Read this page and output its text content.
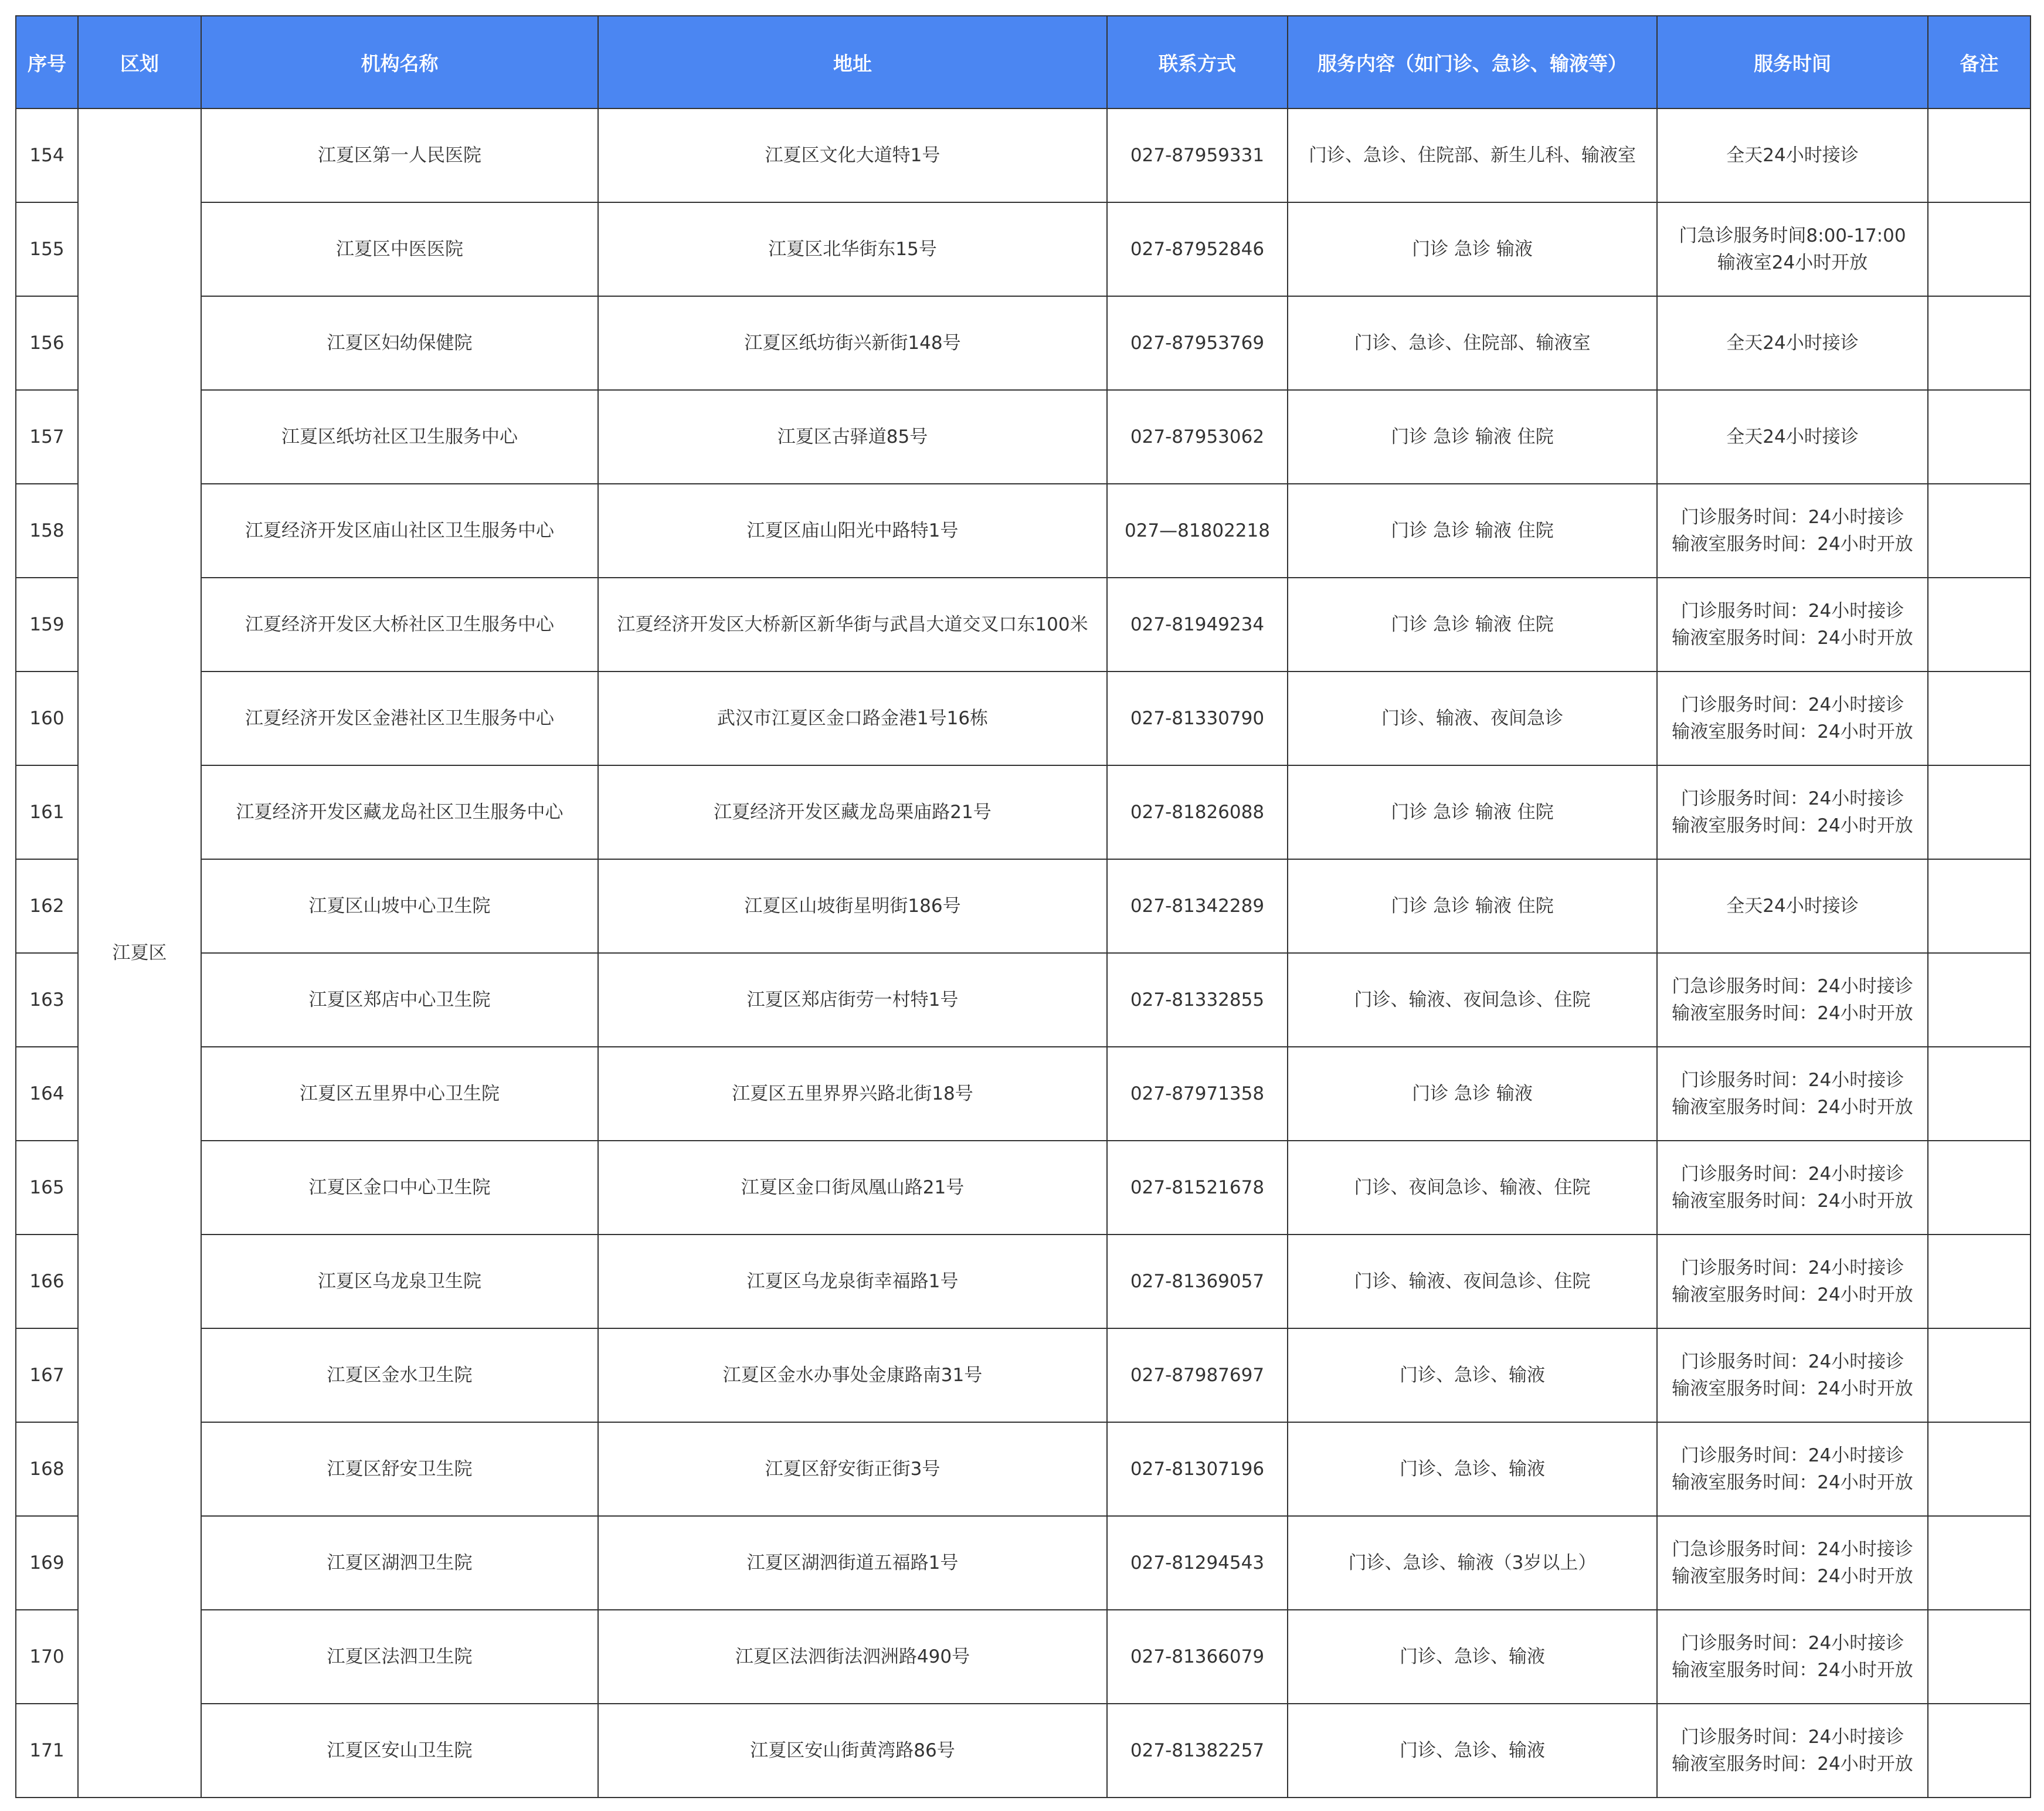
序号	区划	机构名称	地址	联系方式	服务内容（如门诊、急诊、输液等）	服务时间	备注
154	江夏区	江夏区第一人民医院	江夏区文化大道特1号	027-87959331	门诊、急诊、住院部、新生儿科、输液室	全天24小时接诊	

155		江夏区中医医院	江夏区北华街东15号	027-87952846	门诊 急诊 输液	门急诊服务时间8:00-17:00
输液室24小时开放	

156		江夏区妇幼保健院	江夏区纸坊街兴新街148号	027-87953769	门诊、急诊、住院部、输液室	全天24小时接诊	

157		江夏区纸坊社区卫生服务中心	江夏区古驿道85号	027-87953062	门诊 急诊 输液 住院	全天24小时接诊	

158		江夏经济开发区庙山社区卫生服务中心	江夏区庙山阳光中路特1号	027—81802218	门诊 急诊 输液 住院	门诊服务时间：24小时接诊
输液室服务时间：24小时开放	

159		江夏经济开发区大桥社区卫生服务中心	江夏经济开发区大桥新区新华街与武昌大道交叉口东100米	027-81949234	门诊 急诊 输液 住院	门诊服务时间：24小时接诊
输液室服务时间：24小时开放	

160		江夏经济开发区金港社区卫生服务中心	武汉市江夏区金口路金港1号16栋	027-81330790	门诊、输液、夜间急诊	门诊服务时间：24小时接诊
输液室服务时间：24小时开放	

161		江夏经济开发区藏龙岛社区卫生服务中心	江夏经济开发区藏龙岛栗庙路21号	027-81826088	门诊 急诊 输液 住院	门诊服务时间：24小时接诊
输液室服务时间：24小时开放	

162		江夏区山坡中心卫生院	江夏区山坡街星明街186号	027-81342289	门诊 急诊 输液 住院	全天24小时接诊	

163		江夏区郑店中心卫生院	江夏区郑店街劳一村特1号	027-81332855	门诊、输液、夜间急诊、住院	门急诊服务时间：24小时接诊
输液室服务时间：24小时开放	

164		江夏区五里界中心卫生院	江夏区五里界界兴路北街18号	027-87971358	门诊 急诊 输液	门诊服务时间：24小时接诊
输液室服务时间：24小时开放	

165		江夏区金口中心卫生院	江夏区金口街凤凰山路21号	027-81521678	门诊、夜间急诊、输液、住院	门诊服务时间：24小时接诊
输液室服务时间：24小时开放	

166		江夏区乌龙泉卫生院	江夏区乌龙泉街幸福路1号	027-81369057	门诊、输液、夜间急诊、住院	门诊服务时间：24小时接诊
输液室服务时间：24小时开放	

167		江夏区金水卫生院	江夏区金水办事处金康路南31号	027-87987697	门诊、急诊、输液	门诊服务时间：24小时接诊
输液室服务时间：24小时开放	

168		江夏区舒安卫生院	江夏区舒安街正街3号	027-81307196	门诊、急诊、输液	门诊服务时间：24小时接诊
输液室服务时间：24小时开放	

169		江夏区湖泗卫生院	江夏区湖泗街道五福路1号	027-81294543	门诊、急诊、输液（3岁以上）	门急诊服务时间：24小时接诊
输液室服务时间：24小时开放	

170		江夏区法泗卫生院	江夏区法泗街法泗洲路490号	027-81366079	门诊、急诊、输液	门诊服务时间：24小时接诊
输液室服务时间：24小时开放	

171		江夏区安山卫生院	江夏区安山街黄湾路86号	027-81382257	门诊、急诊、输液	门诊服务时间：24小时接诊
输液室服务时间：24小时开放	
